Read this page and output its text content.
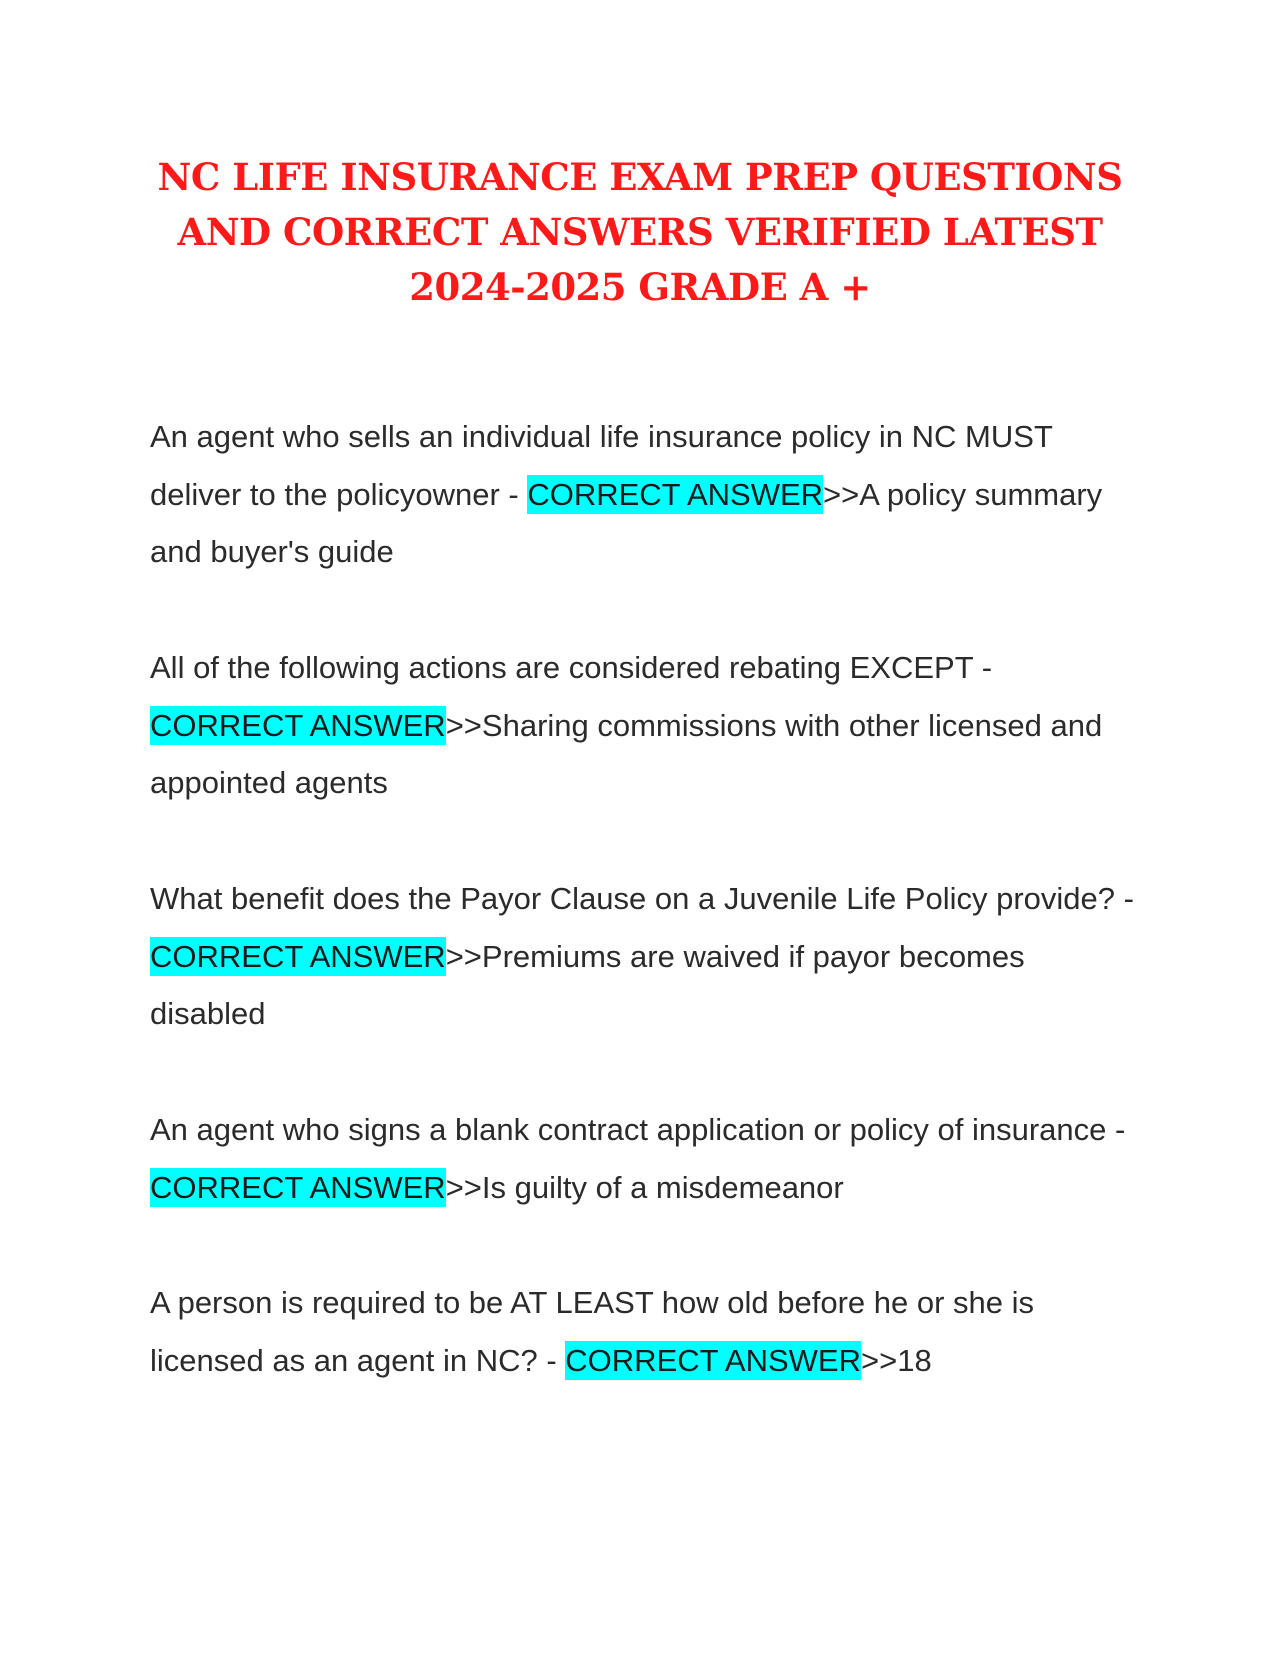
NC LIFE INSURANCE EXAM PREP QUESTIONS
AND CORRECT ANSWERS VERIFIED LATEST
2024-2025 GRADE A +

An agent who sells an individual life insurance policy in NC MUST deliver to the policyowner - CORRECT ANSWER>>A policy summary and buyer's guide

All of the following actions are considered rebating EXCEPT - CORRECT ANSWER>>Sharing commissions with other licensed and appointed agents

What benefit does the Payor Clause on a Juvenile Life Policy provide? - CORRECT ANSWER>>Premiums are waived if payor becomes disabled

An agent who signs a blank contract application or policy of insurance - CORRECT ANSWER>>Is guilty of a misdemeanor

A person is required to be AT LEAST how old before he or she is licensed as an agent in NC? - CORRECT ANSWER>>18
